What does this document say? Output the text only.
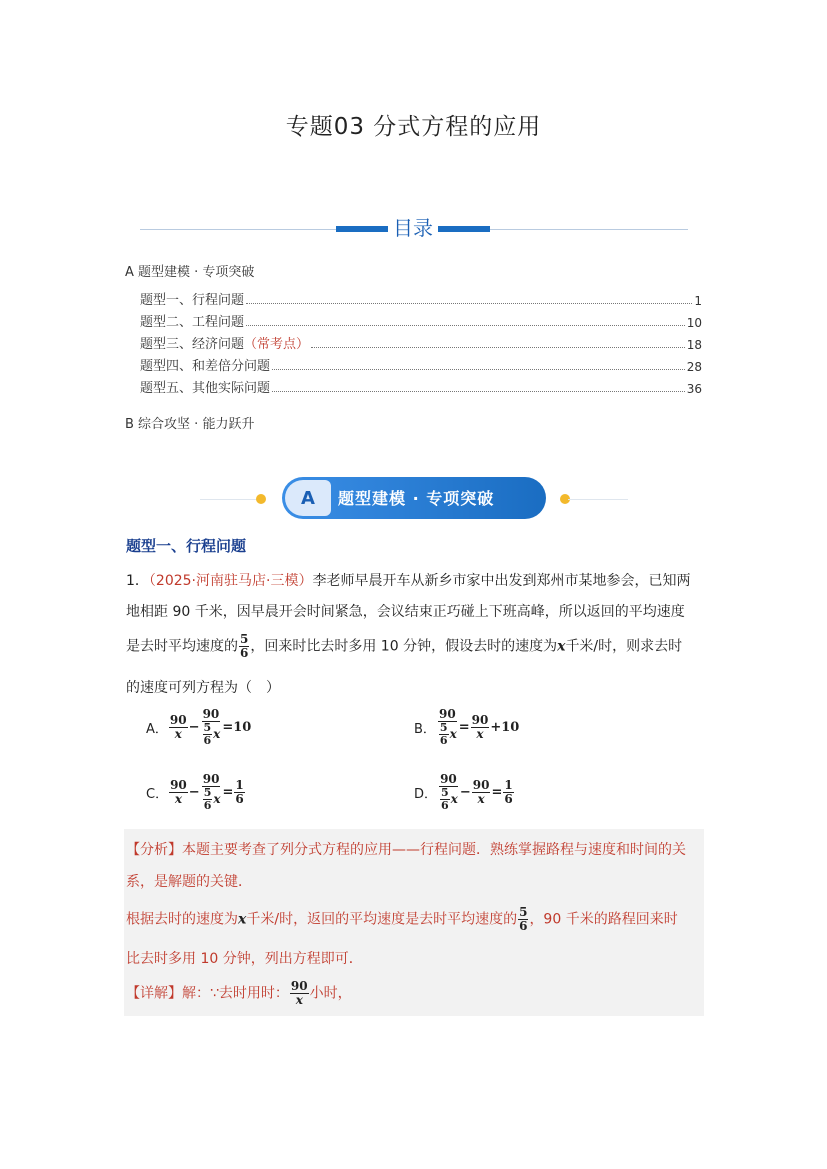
专题03 分式方程的应用
目录
A 题型建模 · 专项突破
题型一、行程问题	1
题型二、工程问题	10
题型三、经济问题 （常考点）	18
题型四、和差倍分问题	28
题型五、其他实际问题	36
B 综合攻坚 · 能力跃升
A	题型建模 · 专项突破
题型一、行程问题
1．（2025·河南驻马店·三模）李老师早晨开车从新乡市家中出发到郑州市某地参会，已知两
地相距 90 千米，因早晨开会时间紧急，会议结束正巧碰上下班高峰，所以返回的平均速度
是去时平均速度的 $\frac{5}{6}$ ，回来时比去时多用 10 分钟，假设去时的速度为x千米/时，则求去时
的速度可列方程为（　）
A． $\frac{90}{x} - \frac{90}{\frac{5}{6} x} =10$	B． $\frac{90}{\frac{5}{6} x} = \frac{90}{x} +10$
C． $\frac{90}{x} - \frac{90}{\frac{5}{6} x} = \frac{1}{6}$	D． $\frac{90}{\frac{5}{6} x} - \frac{90}{x} = \frac{1}{6}$
【分析】本题主要考查了列分式方程的应用——行程问题．熟练掌握路程与速度和时间的关
系，是解题的关键．
根据去时的速度为x千米/时，返回的平均速度是去时平均速度的 $\frac{5}{6}$ ，90 千米的路程回来时
比去时多用 10 分钟，列出方程即可．
【详解】解：∵去时用时： $\frac{90}{x}$ 小时，
